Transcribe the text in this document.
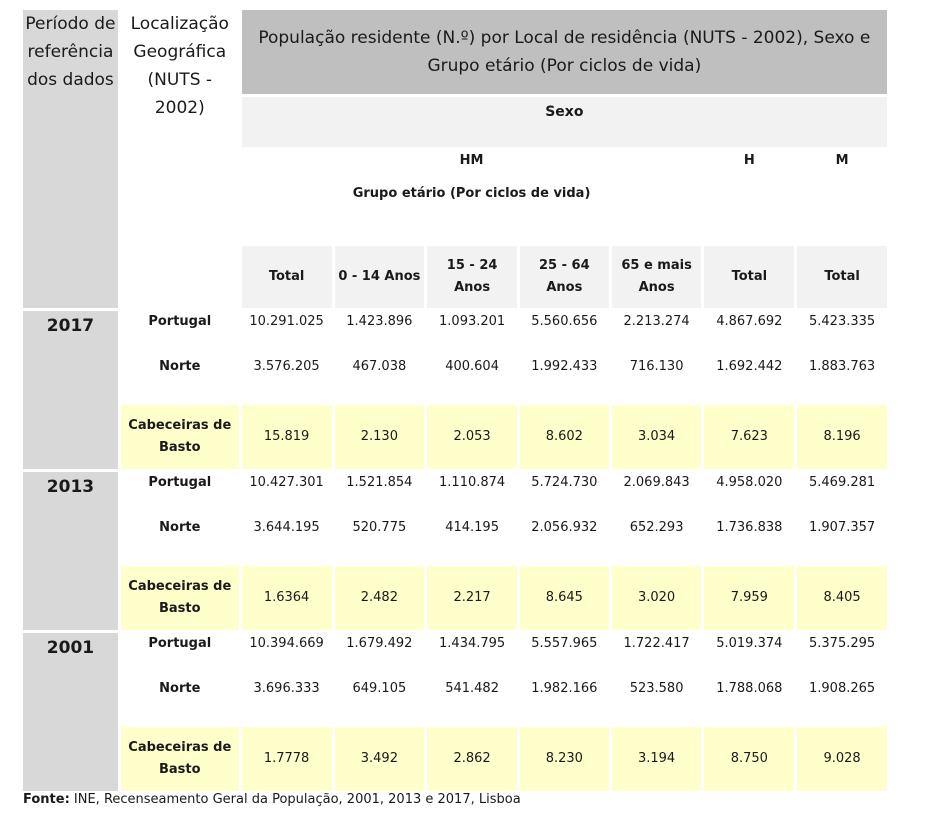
Período de referência dos dados	Localização Geográfica (NUTS - 2002)	População residente (N.º) por Local de residência (NUTS - 2002), Sexo e Grupo etário (Por ciclos de vida)						
		Sexo						
		HM					H	M
		Grupo etário (Por ciclos de vida)						
		Total	0 - 14 Anos	15 - 24 Anos	25 - 64 Anos	65 e mais Anos	Total	Total
2017	Portugal	10.291.025	1.423.896	1.093.201	5.560.656	2.213.274	4.867.692	5.423.335
	Norte	3.576.205	467.038	400.604	1.992.433	716.130	1.692.442	1.883.763
	Cabeceiras de Basto	15.819	2.130	2.053	8.602	3.034	7.623	8.196
2013	Portugal	10.427.301	1.521.854	1.110.874	5.724.730	2.069.843	4.958.020	5.469.281
	Norte	3.644.195	520.775	414.195	2.056.932	652.293	1.736.838	1.907.357
	Cabeceiras de Basto	1.6364	2.482	2.217	8.645	3.020	7.959	8.405
2001	Portugal	10.394.669	1.679.492	1.434.795	5.557.965	1.722.417	5.019.374	5.375.295
	Norte	3.696.333	649.105	541.482	1.982.166	523.580	1.788.068	1.908.265
	Cabeceiras de Basto	1.7778	3.492	2.862	8.230	3.194	8.750	9.028
Fonte: INE, Recenseamento Geral da População, 2001, 2013 e 2017, Lisboa
